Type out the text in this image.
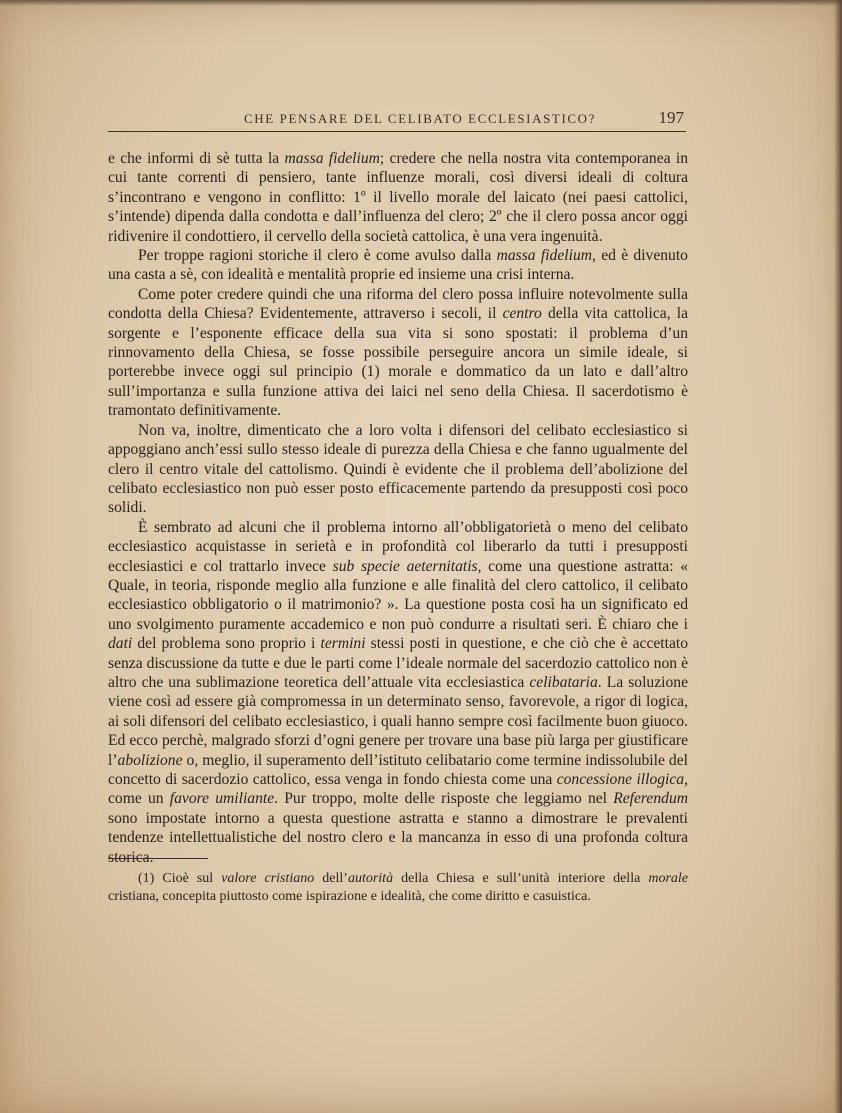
CHE PENSARE DEL CELIBATO ECCLESIASTICO?	197

e che informi di sè tutta la massa fidelium; credere che nella nostra vita contemporanea in cui tante correnti di pensiero, tante influenze morali, così diversi ideali di coltura s’incontrano e vengono in conflitto: 1º il livello morale del laicato (nei paesi cattolici, s’intende) dipenda dalla condotta e dall’influenza del clero; 2º che il clero possa ancor oggi ridivenire il condottiero, il cervello della società cattolica, è una vera ingenuità.

Per troppe ragioni storiche il clero è come avulso dalla massa fidelium, ed è divenuto una casta a sè, con idealità e mentalità proprie ed insieme una crisi interna.

Come poter credere quindi che una riforma del clero possa influire notevolmente sulla condotta della Chiesa? Evidentemente, attraverso i secoli, il centro della vita cattolica, la sorgente e l’esponente efficace della sua vita si sono spostati: il problema d’un rinnovamento della Chiesa, se fosse possibile perseguire ancora un simile ideale, si porterebbe invece oggi sul principio (1) morale e dommatico da un lato e dall’altro sull’importanza e sulla funzione attiva dei laici nel seno della Chiesa. Il sacerdotismo è tramontato definitivamente.

Non va, inoltre, dimenticato che a loro volta i difensori del celibato ecclesiastico si appoggiano anch’essi sullo stesso ideale di purezza della Chiesa e che fanno ugualmente del clero il centro vitale del cattolismo. Quindi è evidente che il problema dell’abolizione del celibato ecclesiastico non può esser posto efficacemente partendo da presupposti così poco solidi.

È sembrato ad alcuni che il problema intorno all’obbligatorietà o meno del celibato ecclesiastico acquistasse in serietà e in profondità col liberarlo da tutti i presupposti ecclesiastici e col trattarlo invece sub specie aeternitatis, come una questione astratta: « Quale, in teoria, risponde meglio alla funzione e alle finalità del clero cattolico, il celibato ecclesiastico obbligatorio o il matrimonio? ». La questione posta così ha un significato ed uno svolgimento puramente accademico e non può condurre a risultati seri. È chiaro che i dati del problema sono proprio i termini stessi posti in questione, e che ciò che è accettato senza discussione da tutte e due le parti come l’ideale normale del sacerdozio cattolico non è altro che una sublimazione teoretica dell’attuale vita ecclesiastica celibataria. La soluzione viene così ad essere già compromessa in un determinato senso, favorevole, a rigor di logica, ai soli difensori del celibato ecclesiastico, i quali hanno sempre così facilmente buon giuoco. Ed ecco perchè, malgrado sforzi d’ogni genere per trovare una base più larga per giustificare l’abolizione o, meglio, il superamento dell’istituto celibatario come termine indissolubile del concetto di sacerdozio cattolico, essa venga in fondo chiesta come una concessione illogica, come un favore umiliante. Pur troppo, molte delle risposte che leggiamo nel Referendum sono impostate intorno a questa questione astratta e stanno a dimostrare le prevalenti tendenze intellettualistiche del nostro clero e la mancanza in esso di una profonda coltura storica.

(1) Cioè sul valore cristiano dell’autorità della Chiesa e sull’unità interiore della morale cristiana, concepita piuttosto come ispirazione e idealità, che come diritto e casuistica.
